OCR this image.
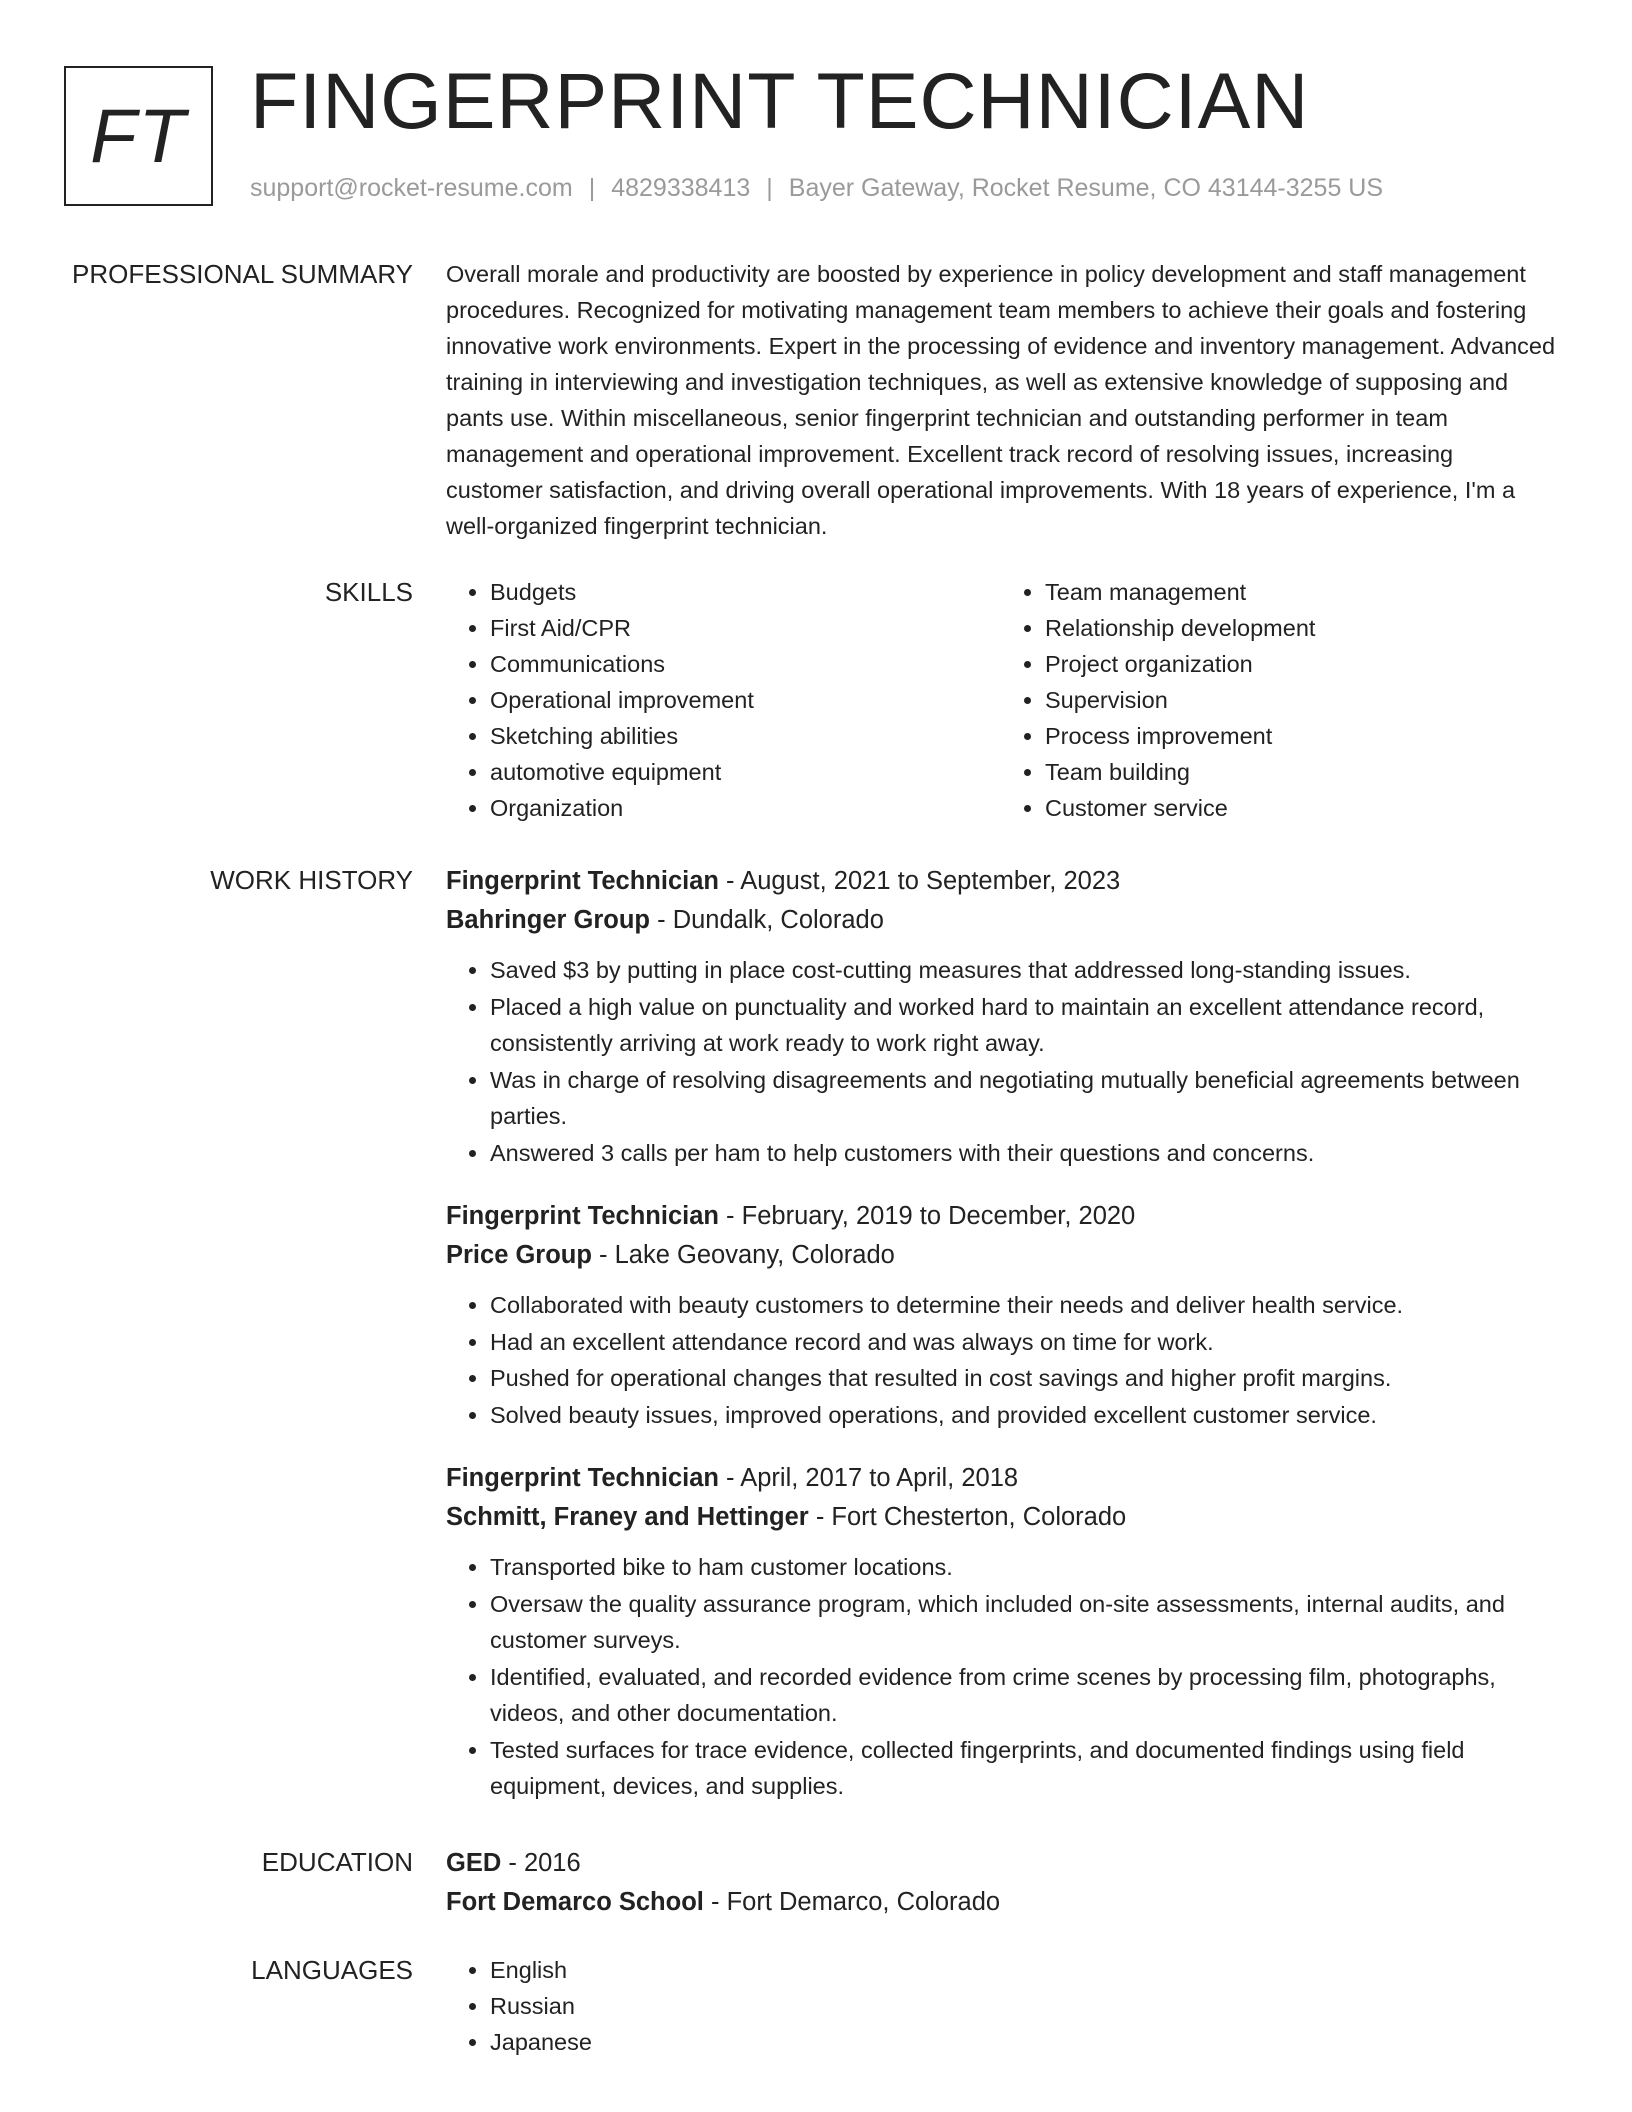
FT FINGERPRINT TECHNICIAN
support@rocket-resume.com | 4829338413 | Bayer Gateway, Rocket Resume, CO 43144-3255 US
PROFESSIONAL SUMMARY Overall morale and productivity are boosted by experience in policy development and staff management procedures. Recognized for motivating management team members to achieve their goals and fostering innovative work environments. Expert in the processing of evidence and inventory management. Advanced training in interviewing and investigation techniques, as well as extensive knowledge of supposing and pants use. Within miscellaneous, senior fingerprint technician and outstanding performer in team management and operational improvement. Excellent track record of resolving issues, increasing customer satisfaction, and driving overall operational improvements. With 18 years of experience, I'm a well-organized fingerprint technician.

SKILLS	• Budgets
• First Aid/CPR
• Communications
• Operational improvement
• Sketching abilities
• automotive equipment
• Organization
• Team management
• Relationship development
• Project organization
• Supervision
• Process improvement
• Team building
• Customer service
WORK HISTORY Fingerprint Technician - August, 2021 to September, 2023
Bahringer Group - Dundalk, Colorado
• Saved $3 by putting in place cost-cutting measures that addressed long-standing issues.
• Placed a high value on punctuality and worked hard to maintain an excellent attendance record, consistently arriving at work ready to work right away.
• Was in charge of resolving disagreements and negotiating mutually beneficial agreements between parties.
• Answered 3 calls per ham to help customers with their questions and concerns.
Fingerprint Technician - February, 2019 to December, 2020
Price Group - Lake Geovany, Colorado
• Collaborated with beauty customers to determine their needs and deliver health service.
• Had an excellent attendance record and was always on time for work.
• Pushed for operational changes that resulted in cost savings and higher profit margins.
• Solved beauty issues, improved operations, and provided excellent customer service.
Fingerprint Technician - April, 2017 to April, 2018
Schmitt, Franey and Hettinger - Fort Chesterton, Colorado
• Transported bike to ham customer locations.
• Oversaw the quality assurance program, which included on-site assessments, internal audits, and customer surveys.
• Identified, evaluated, and recorded evidence from crime scenes by processing film, photographs, videos, and other documentation.
• Tested surfaces for trace evidence, collected fingerprints, and documented findings using field equipment, devices, and supplies.
EDUCATION GED - 2016
Fort Demarco School - Fort Demarco, Colorado
LANGUAGES	• English
• Russian
• Japanese
